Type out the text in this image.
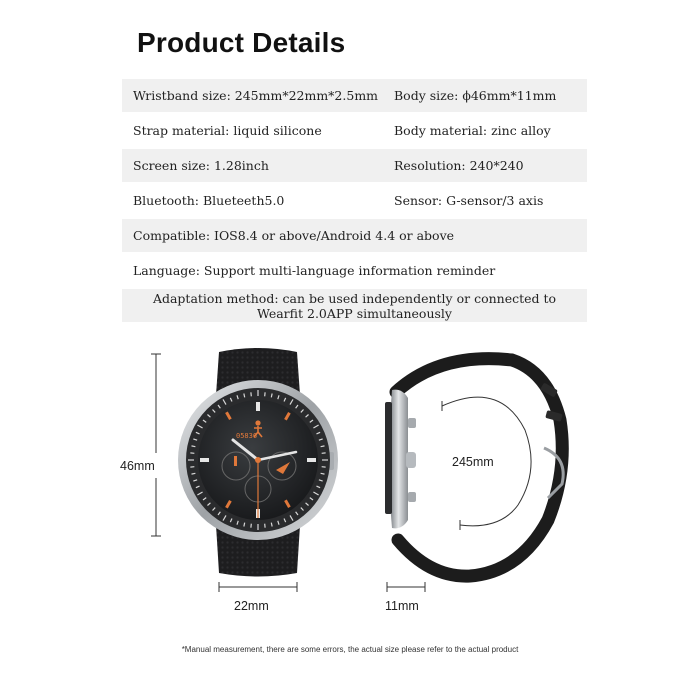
Product Details
Wristband size: 245mm*22mm*2.5mm Body size: ϕ46mm*11mm
Strap material: liquid silicone	Body material: zinc alloy
Screen size: 1.28inch	Resolution: 240*240
Bluetooth: Blueteeth5.0	Sensor: G-sensor/3 axis
Compatible: IOS8.4 or above/Android 4.4 or above
Language: Support multi-language information reminder
Adaptation method: can be used independently or connected to
Wearfit 2.0APP simultaneously
05836
46mm
22mm
245mm
11mm
*Manual measurement, there are some errors, the actual size please refer to the actual product
